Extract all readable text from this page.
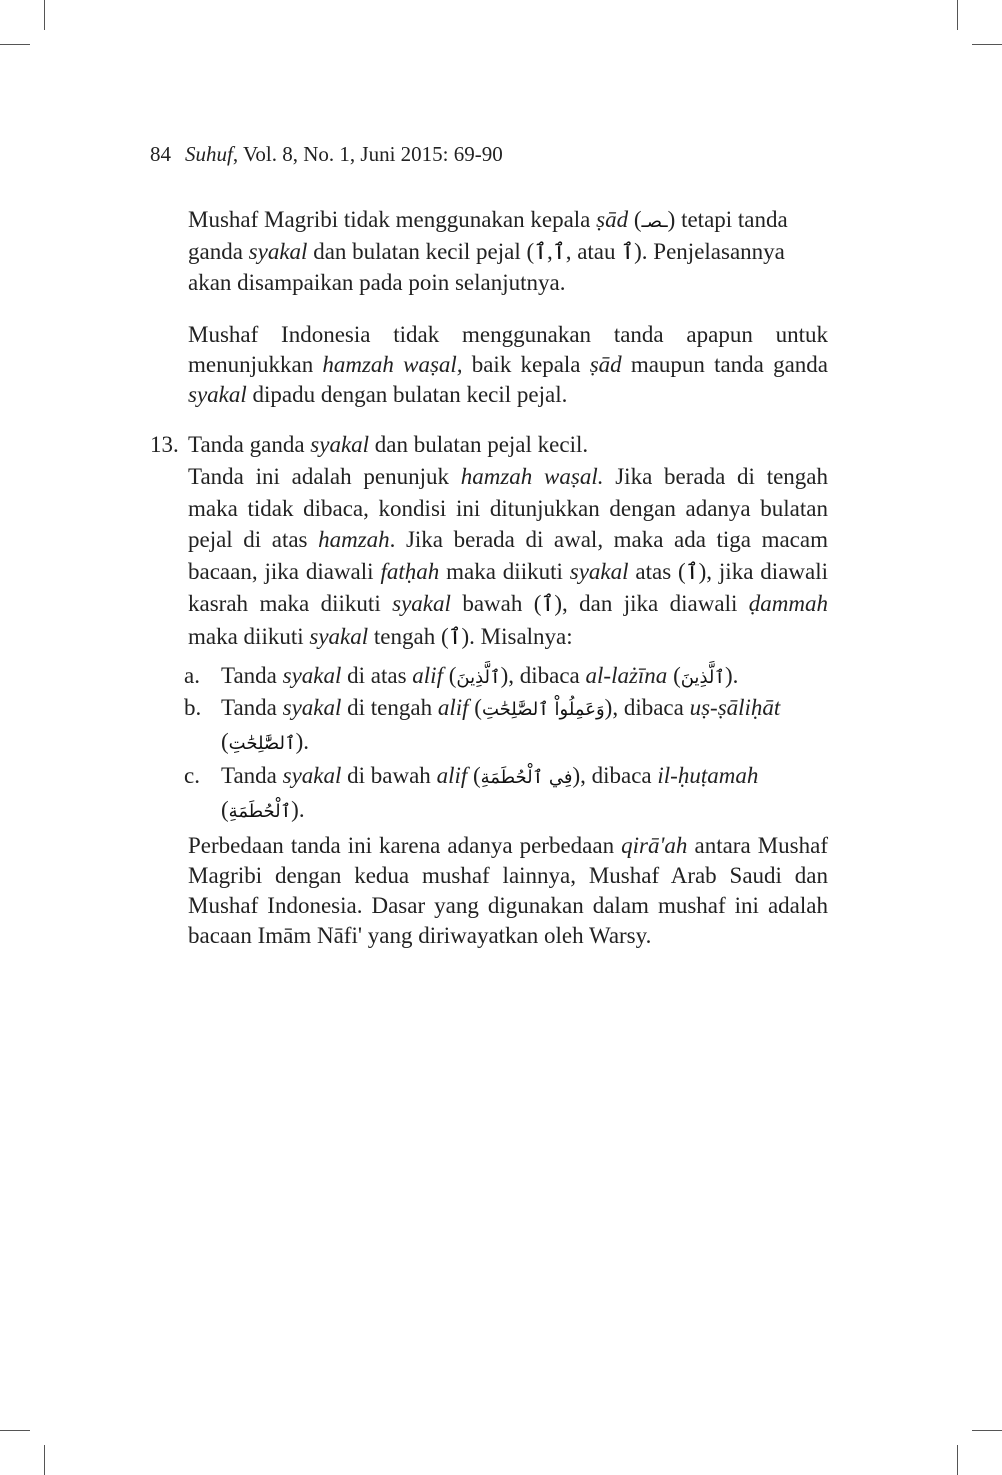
84 Suhuf, Vol. 8, No. 1, Juni 2015: 69-90
Mushaf Magribi tidak menggunakan kepala ṣād (ـصـ) tetapi tanda
ganda syakal dan bulatan kecil pejal ( ٱ,ٱ , atau ٱ). Penjelasannya
akan disampaikan pada poin selanjutnya.
Mushaf Indonesia tidak menggunakan tanda apapun untuk menunjukkan hamzah waṣal, baik kepala ṣād maupun tanda ganda syakal dipadu dengan bulatan kecil pejal.
13. Tanda ganda syakal dan bulatan pejal kecil.
Tanda ini adalah penunjuk hamzah waṣal. Jika berada di tengah maka tidak dibaca, kondisi ini ditunjukkan dengan adanya bulatan pejal di atas hamzah. Jika berada di awal, maka ada tiga macam bacaan, jika diawali fatḥah maka diikuti syakal atas (ٱ), jika diawali kasrah maka diikuti syakal bawah (ٱ), dan jika diawali ḍammah maka diikuti syakal tengah (ٱ). Misalnya:
a. Tanda syakal di atas alif (ٱلَّذِينَ), dibaca al-lażīna (ٱلَّذِينَ).
b. Tanda syakal di tengah alif (وَعَمِلُواْ ٱلصَّٰلِحَٰتِ), dibaca uṣ-ṣāliḥāt
(ٱلصَّٰلِحَٰتِ).
c. Tanda syakal di bawah alif (فِي ٱلْحُطَمَةِ), dibaca il-ḥuṭamah
(ٱلْحُطَمَةِ).
Perbedaan tanda ini karena adanya perbedaan qirā'ah antara Mushaf Magribi dengan kedua mushaf lainnya, Mushaf Arab Saudi dan Mushaf Indonesia. Dasar yang digunakan dalam mushaf ini adalah bacaan Imām Nāfi' yang diriwayatkan oleh Warsy.
